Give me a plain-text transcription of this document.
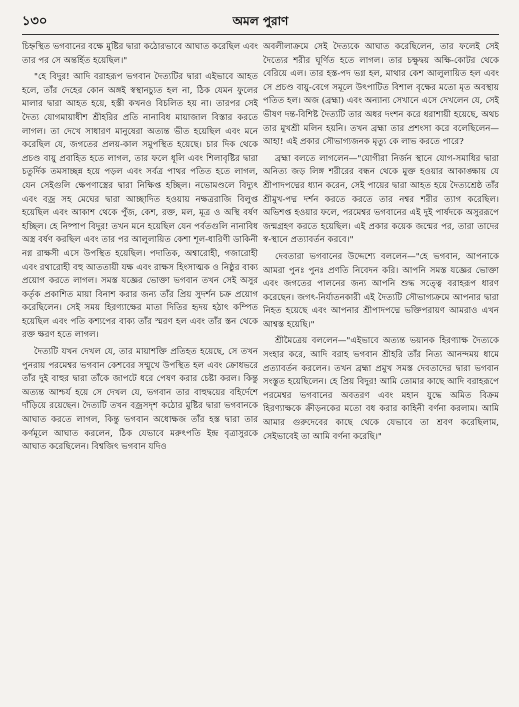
১৩০	অমল পুরাণ

চিহ্নস্থিত ভগবানের বক্ষে মুষ্টির দ্বারা কঠোরভাবে আঘাত করেছিল এবং তার পর সে অন্তর্হিত হয়েছিল।"

"হে বিদুর! আদি বরাহরূপ ভগবান দৈত্যটির দ্বারা এইভাবে আহত হলে, তাঁর দেহের কোন অঙ্গই স্বস্থানচ্যুত হল না, ঠিক যেমন ফুলের মালার দ্বারা আহত হয়ে, হস্তী কখনও বিচলিত হয় না। তারপর সেই দৈত্য যোগমায়াধীশ শ্রীহরির প্রতি নানাবিধ মায়াজাল বিস্তার করতে লাগল। তা দেখে সাধারণ মানুষেরা অত্যন্ত ভীত হয়েছিল এবং মনে করেছিল যে, জগতের প্রলয়-কাল সমুপস্থিত হয়েছে। চার দিক থেকে প্রচণ্ড বায়ু প্রবাহিত হতে লাগল, তার ফলে ধূলি এবং শিলাবৃষ্টির দ্বারা চতুর্দিক তমসাচ্ছন্ন হয়ে পড়ল এবং সর্বত্র পাথর পতিত হতে লাগল, যেন সেইগুলি ক্ষেপণাস্ত্রের দ্বারা নিক্ষিপ্ত হচ্ছিল। নভোমণ্ডলে বিদ্যুৎ এবং বজ্র সহ মেঘের দ্বারা আচ্ছাদিত হওয়ায় নক্ষত্ররাজি বিলুপ্ত হয়েছিল এবং আকাশ থেকে পুঁজ, কেশ, রক্ত, মল, মূত্র ও অস্থি বর্ষণ হচ্ছিল। হে নিষ্পাপ বিদুর! তখন মনে হয়েছিল যেন পর্বতগুলি নানাবিধ অস্ত্র বর্ষণ করছিল এবং তার পর আলুলায়িত কেশা শূল-ধারিণী ডাকিনী নগ্ন রাক্ষসী এসে উপস্থিত হয়েছিল। পদাতিক, অশ্বারোহী, গজারোহী এবং রথারোহী বহু আততায়ী যক্ষ এবং রাক্ষস হিংসাত্মক ও নিষ্ঠুর বাক্য প্রয়োগ করতে লাগল। সমস্ত যজ্ঞের ভোক্তা ভগবান তখন সেই অসুর কর্তৃক প্রকাশিত মায়া বিনাশ করার জন্য তাঁর প্রিয় সুদর্শন চক্র প্রয়োগ করেছিলেন। সেই সময় হিরণ্যাক্ষের মাতা দিতির হৃদয় হঠাৎ কম্পিত হয়েছিল এবং পতি কশ্যপের বাক্য তাঁর স্মরণ হল এবং তাঁর স্তন থেকে রক্ত ক্ষরণ হতে লাগল।

দৈত্যটি যখন দেখল যে, তার মায়াশক্তি প্রতিহত হয়েছে, সে তখন পুনরায় পরমেশ্বর ভগবান কেশবের সম্মুখে উপস্থিত হল এবং ক্রোধভরে তাঁর দুই বাহুর দ্বারা তাঁকে জাপটে ধরে পেষণ করার চেষ্টা করল। কিন্তু অত্যন্ত আশ্চর্য হয়ে সে দেখল যে, ভগবান তার বাহুদ্বয়ের বহির্দেশে দাঁড়িয়ে রয়েছেন। দৈত্যটি তখন বজ্রসদৃশ কঠোর মুষ্টির দ্বারা ভগবানকে আঘাত করতে লাগল, কিন্তু ভগবান অধোক্ষজ তাঁর হস্ত দ্বারা তার কর্ণমূলে আঘাত করলেন, ঠিক যেভাবে মরুৎপতি ইন্দ্র বৃত্রাসুরকে আঘাত করেছিলেন। বিশ্বজিৎ ভগবান যদিও

অবলীলাক্রমে সেই দৈত্যকে আঘাত করেছিলেন, তার ফলেই সেই দৈত্যের শরীর ঘূর্ণিত হতে লাগল। তার চক্ষুদ্বয় অক্ষি-কোটর থেকে বেরিয়ে এল। তার হস্ত-পদ ভগ্ন হল, মাথার কেশ আলুলায়িত হল এবং সে প্রচণ্ড বায়ু-বেগে সমূলে উৎপাটিত বিশাল বৃক্ষের মতো মৃত অবস্থায় পতিত হল। অজ (ব্রহ্মা) এবং অন্যান্য সেখানে এসে দেখলেন যে, সেই ভীষণ দন্ত-বিশিষ্ট দৈত্যটি তার অধর দংশন করে ধরাশায়ী হয়েছে, অথচ তার মুখশ্রী মলিন হয়নি। তখন ব্রহ্মা তার প্রশংসা করে বলেছিলেন—আহা! এই প্রকার সৌভাগ্যজনক মৃত্যু কে লাভ করতে পারে?

ব্রহ্মা বলতে লাগলেন—"যোগীরা নির্জন স্থানে যোগ-সমাধির দ্বারা অনিত্য জড় লিঙ্গ শরীরের বন্ধন থেকে মুক্ত হওয়ার আকাঙ্ক্ষায় যে শ্রীপাদপদ্মের ধ্যান করেন, সেই পায়ের দ্বারা আহত হয়ে দৈত্যশ্রেষ্ঠ তাঁর শ্রীমুখ-পদ্ম দর্শন করতে করতে তার নশ্বর শরীর ত্যাগ করেছিল। অভিশপ্ত হওয়ার ফলে, পরমেশ্বর ভগবানের এই দুই পার্ষদকে অসুররূপে জন্মগ্রহণ করতে হয়েছিল। এই প্রকার কয়েক জন্মের পর, তারা তাদের স্ব-স্থানে প্রত্যাবর্তন করবে।"

দেবতারা ভগবানের উদ্দেশ্যে বললেন—"হে ভগবান, আপনাকে আমরা পুনঃ পুনঃ প্রণতি নিবেদন করি। আপনি সমস্ত যজ্ঞের ভোক্তা এবং জগতের পালনের জন্য আপনি শুদ্ধ সত্ত্বে বরাহরূপ ধারণ করেছেন। জগৎ-নির্যাতনকারী এই দৈত্যটি সৌভাগ্যক্রমে আপনার দ্বারা নিহত হয়েছে এবং আপনার শ্রীপাদপদ্মে ভক্তিপরায়ণ আমরাও এখন আশ্বস্ত হয়েছি।"

শ্রীমৈত্রেয় বললেন—"এইভাবে অত্যন্ত ভয়ানক হিরণ্যাক্ষ দৈত্যকে সংহার করে, আদি বরাহ ভগবান শ্রীহরি তাঁর নিত্য আনন্দময় ধামে প্রত্যাবর্তন করলেন। তখন ব্রহ্মা প্রমুখ সমস্ত দেবতাদের দ্বারা ভগবান সংস্তুত হয়েছিলেন। হে প্রিয় বিদুর! আমি তোমার কাছে আদি বরাহরূপে পরমেশ্বর ভগবানের অবতরণ এবং মহান যুদ্ধে অমিত বিক্রম হিরণ্যাক্ষকে ক্রীড়নকের মতো বধ করার কাহিনী বর্ণনা করলাম। আমি আমার গুরুদেবের কাছে থেকে যেভাবে তা শ্রবণ করেছিলাম, সেইভাবেই তা আমি বর্ণনা করেছি।"
